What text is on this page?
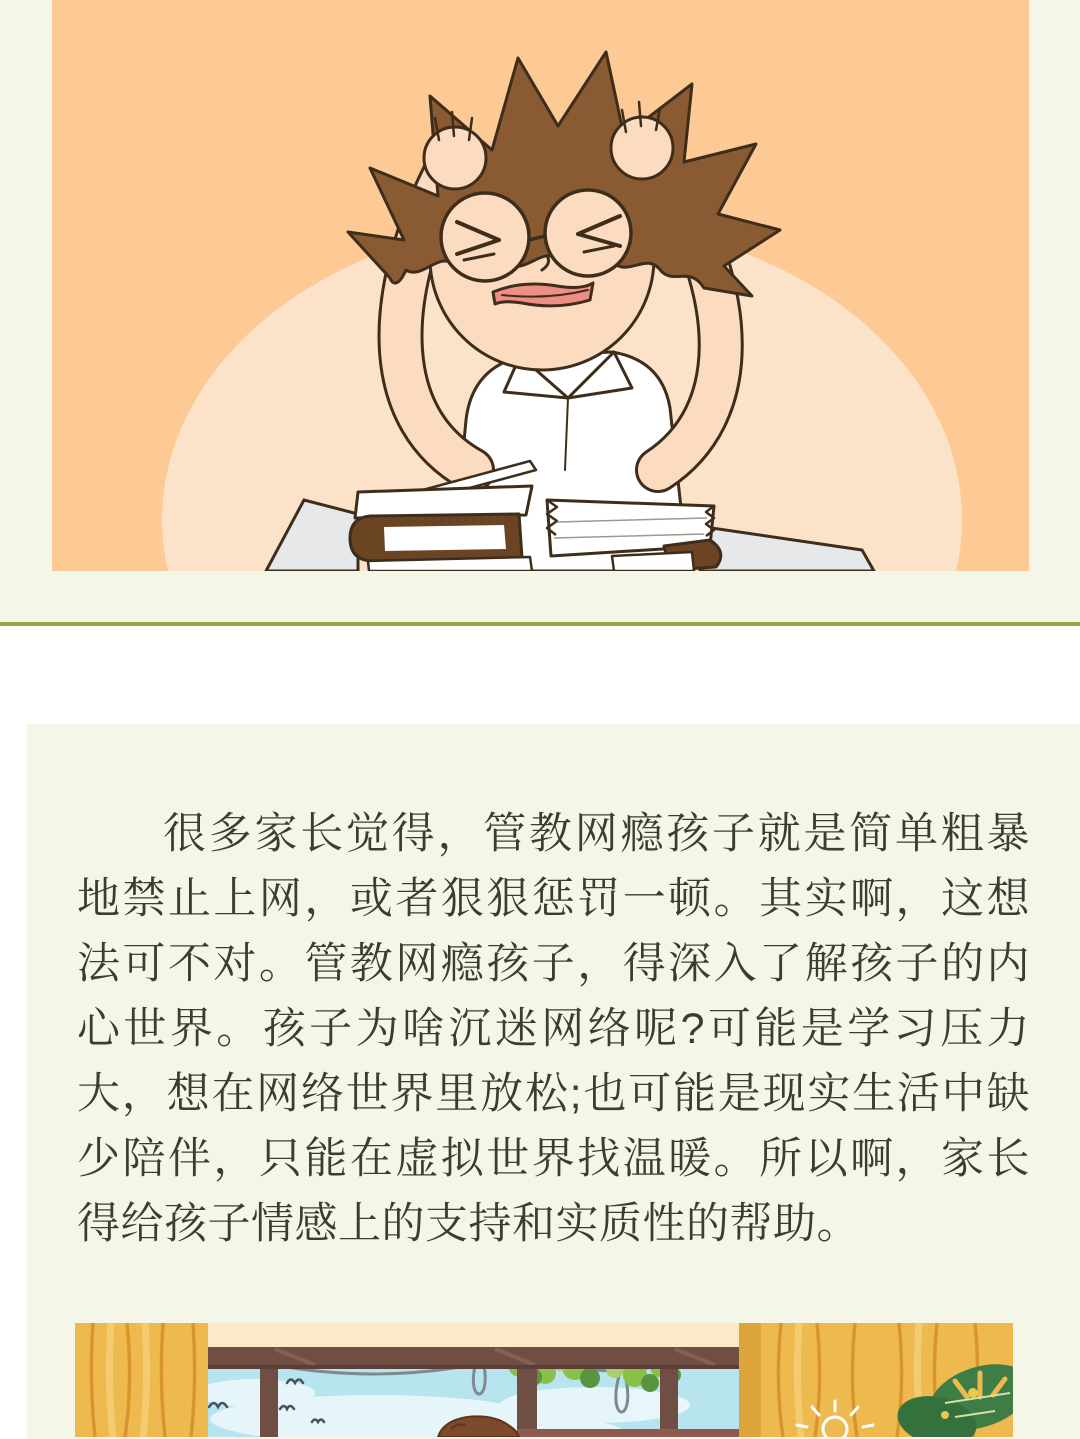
很多家长觉得，管教网瘾孩子就是简单粗暴地禁止上网，或者狠狠惩罚一顿。其实啊，这想法可不对。管教网瘾孩子，得深入了解孩子的内心世界。孩子为啥沉迷网络呢?可能是学习压力大，想在网络世界里放松;也可能是现实生活中缺少陪伴，只能在虚拟世界找温暖。所以啊，家长得给孩子情感上的支持和实质性的帮助。
